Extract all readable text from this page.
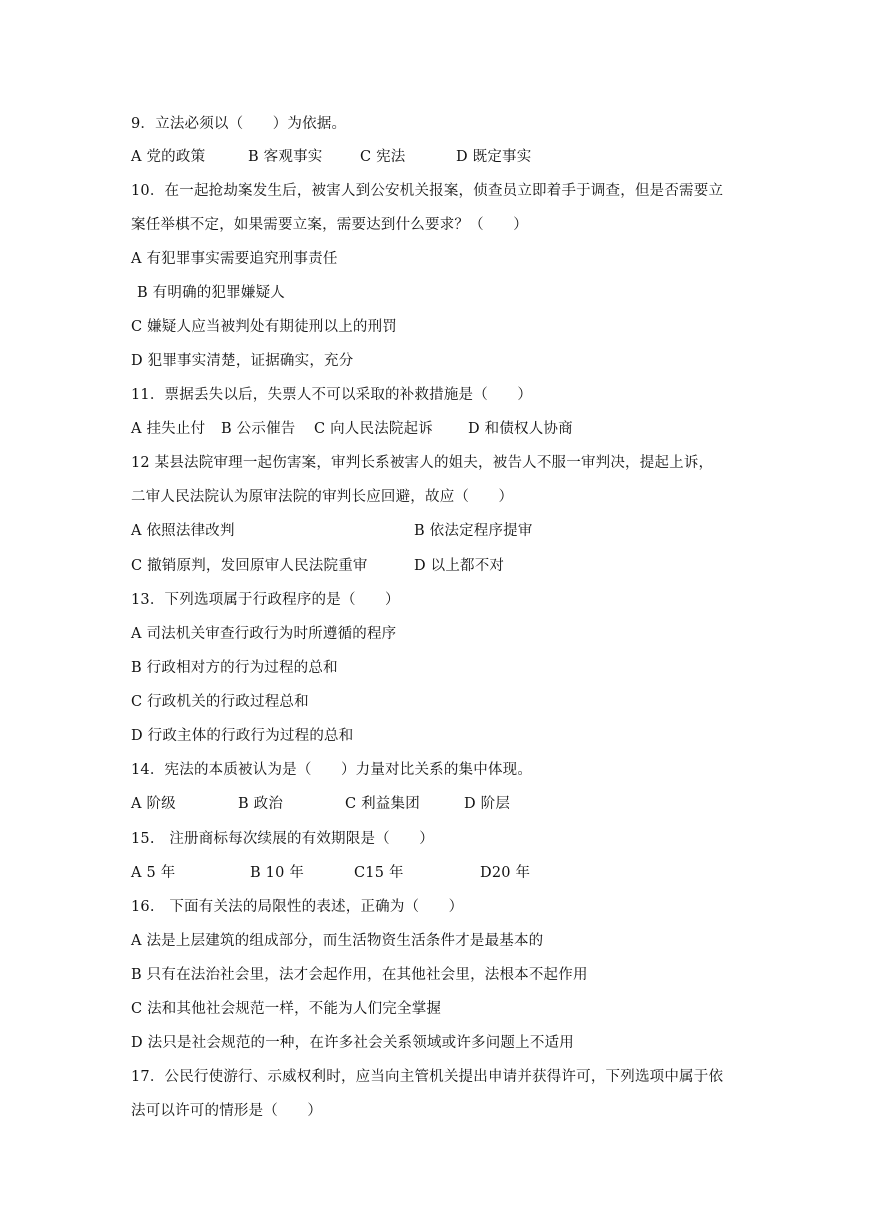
9．立法必须以（　　）为依据。
A 党的政策	B 客观事实	C 宪法	D 既定事实
10．在一起抢劫案发生后，被害人到公安机关报案，侦查员立即着手于调查，但是否需要立
案任举棋不定，如果需要立案，需要达到什么要求？（　　）
A 有犯罪事实需要追究刑事责任
B 有明确的犯罪嫌疑人
C 嫌疑人应当被判处有期徒刑以上的刑罚
D 犯罪事实清楚，证据确实，充分
11．票据丢失以后，失票人不可以采取的补救措施是（　　）
A 挂失止付 B 公示催告 C 向人民法院起诉 D 和债权人协商
12 某县法院审理一起伤害案，审判长系被害人的姐夫，被告人不服一审判决，提起上诉，
二审人民法院认为原审法院的审判长应回避，故应（　　）
A 依照法律改判	B 依法定程序提审
C 撤销原判，发回原审人民法院重审	D 以上都不对
13．下列选项属于行政程序的是（　　）
A 司法机关审查行政行为时所遵循的程序
B 行政相对方的行为过程的总和
C 行政机关的行政过程总和
D 行政主体的行政行为过程的总和
14．宪法的本质被认为是（　　）力量对比关系的集中体现。
A 阶级	B 政治	C 利益集团	D 阶层
15.　注册商标每次续展的有效期限是（　　）
A 5 年	B 10 年	C15 年	D20 年
16.　下面有关法的局限性的表述，正确为（　　）
A 法是上层建筑的组成部分，而生活物资生活条件才是最基本的
B 只有在法治社会里，法才会起作用，在其他社会里，法根本不起作用
C 法和其他社会规范一样，不能为人们完全掌握
D 法只是社会规范的一种，在许多社会关系领域或许多问题上不适用
17．公民行使游行、示威权利时，应当向主管机关提出申请并获得许可，下列选项中属于依
法可以许可的情形是（　　）
